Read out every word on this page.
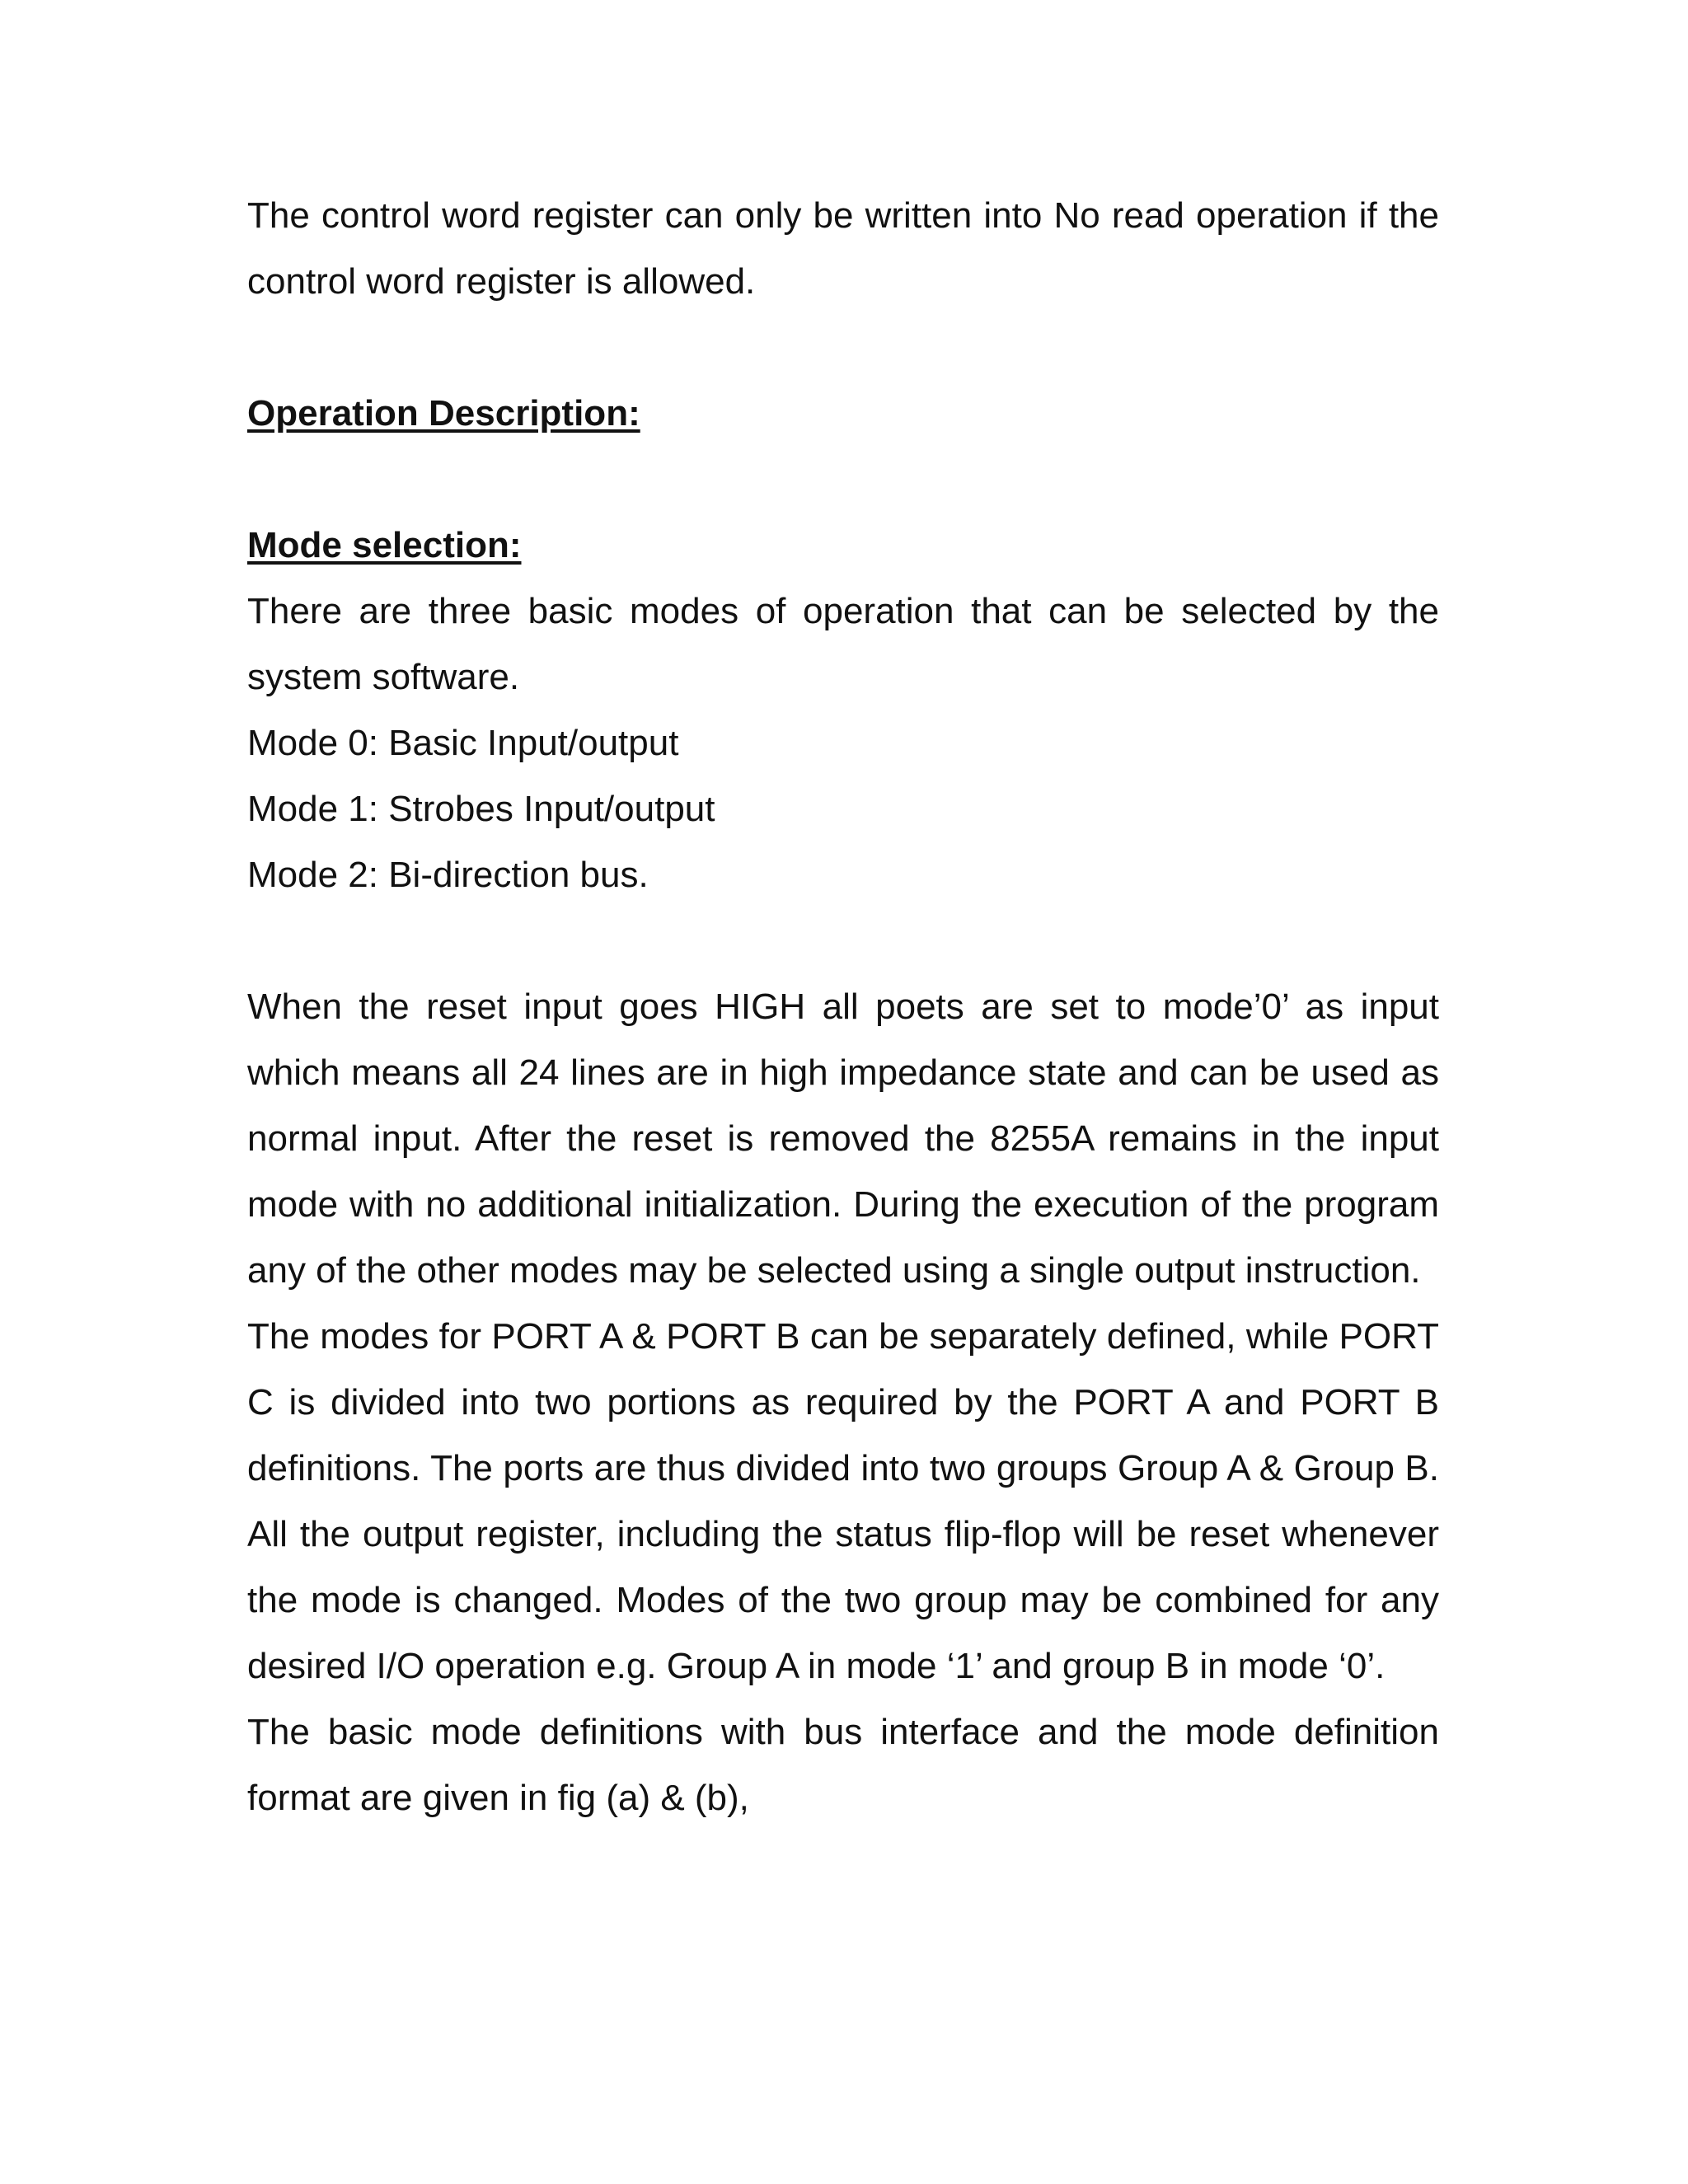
The control word register can only be written into No read operation if the control word register is allowed.

Operation Description:

Mode selection:

There are three basic modes of operation that can be selected by the system software.

Mode 0: Basic Input/output

Mode 1: Strobes Input/output

Mode 2: Bi-direction bus.

When the reset input goes HIGH all poets are set to mode’0’ as input which means all 24 lines are in high impedance state and can be used as normal input. After the reset is removed the 8255A remains in the input mode with no additional initialization. During the execution of the program any of the other modes may be selected using a single output instruction.

The modes for PORT A & PORT B can be separately defined, while PORT C is divided into two portions as required by the PORT A and PORT B definitions. The ports are thus divided into two groups Group A & Group B. All the output register, including the status flip-flop will be reset whenever the mode is changed. Modes of the two group may be combined for any desired I/O operation e.g. Group A in mode ‘1’ and group B in mode ‘0’.

The basic mode definitions with bus interface and the mode definition format are given in fig (a) & (b),
